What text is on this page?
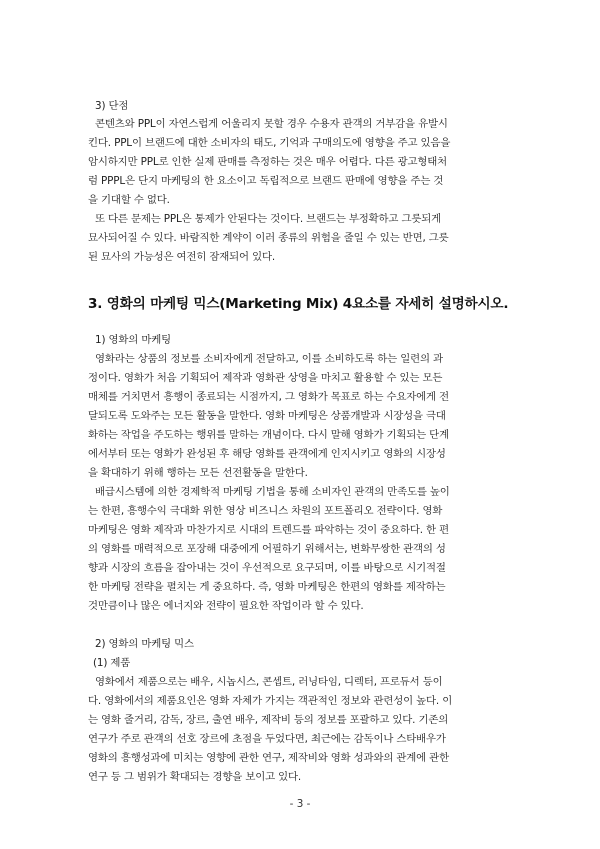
3) 단점
콘텐츠와 PPL이 자연스럽게 어울리지 못할 경우 수용자 관객의 거부감을 유발시
킨다. PPL이 브랜드에 대한 소비자의 태도, 기억과 구매의도에 영향을 주고 있음을
암시하지만 PPL로 인한 실제 판매를 측정하는 것은 매우 어렵다. 다른 광고형태처
럼 PPPL은 단지 마케팅의 한 요소이고 독립적으로 브랜드 판매에 영향을 주는 것
을 기대할 수 없다.
또 다른 문제는 PPL은 통제가 안된다는 것이다. 브랜드는 부정확하고 그릇되게
묘사되어질 수 있다. 바람직한 계약이 이러 종류의 위험을 줄일 수 있는 반면, 그릇
된 묘사의 가능성은 여전히 잠재되어 있다.
3. 영화의 마케팅 믹스(Marketing Mix) 4요소를 자세히 설명하시오.
1) 영화의 마케팅
영화라는 상품의 정보를 소비자에게 전달하고, 이를 소비하도록 하는 일련의 과
정이다. 영화가 처음 기획되어 제작과 영화관 상영을 마치고 활용할 수 있는 모든
매체를 거치면서 흥행이 종료되는 시점까지, 그 영화가 목표로 하는 수요자에게 전
달되도록 도와주는 모든 활동을 말한다. 영화 마케팅은 상품개발과 시장성을 극대
화하는 작업을 주도하는 행위를 말하는 개념이다. 다시 말해 영화가 기획되는 단계
에서부터 또는 영화가 완성된 후 해당 영화를 관객에게 인지시키고 영화의 시장성
을 확대하기 위해 행하는 모든 선전활동을 말한다.
배급시스템에 의한 경제학적 마케팅 기법을 통해 소비자인 관객의 만족도를 높이
는 한편, 흥행수익 극대화 위한 영상 비즈니스 차원의 포트폴리오 전략이다. 영화
마케팅은 영화 제작과 마찬가지로 시대의 트렌드를 파악하는 것이 중요하다. 한 편
의 영화를 매력적으로 포장해 대중에게 어필하기 위해서는, 변화무쌍한 관객의 성
향과 시장의 흐름을 잡아내는 것이 우선적으로 요구되며, 이를 바탕으로 시기적절
한 마케팅 전략을 펼치는 게 중요하다. 즉, 영화 마케팅은 한편의 영화를 제작하는
것만큼이나 많은 에너지와 전략이 필요한 작업이라 할 수 있다.
2) 영화의 마케팅 믹스
(1) 제품
영화에서 제품으로는 배우, 시놉시스, 콘셉트, 러닝타임, 디렉터, 프로듀서 등이
다. 영화에서의 제품요인은 영화 자체가 가지는 객관적인 정보와 관련성이 높다. 이
는 영화 줄거리, 감독, 장르, 출연 배우, 제작비 등의 정보를 포괄하고 있다. 기존의
연구가 주로 관객의 선호 장르에 초점을 두었다면, 최근에는 감독이나 스타배우가
영화의 흥행성과에 미치는 영향에 관한 연구, 제작비와 영화 성과와의 관계에 관한
연구 등 그 범위가 확대되는 경향을 보이고 있다.
- 3 -
